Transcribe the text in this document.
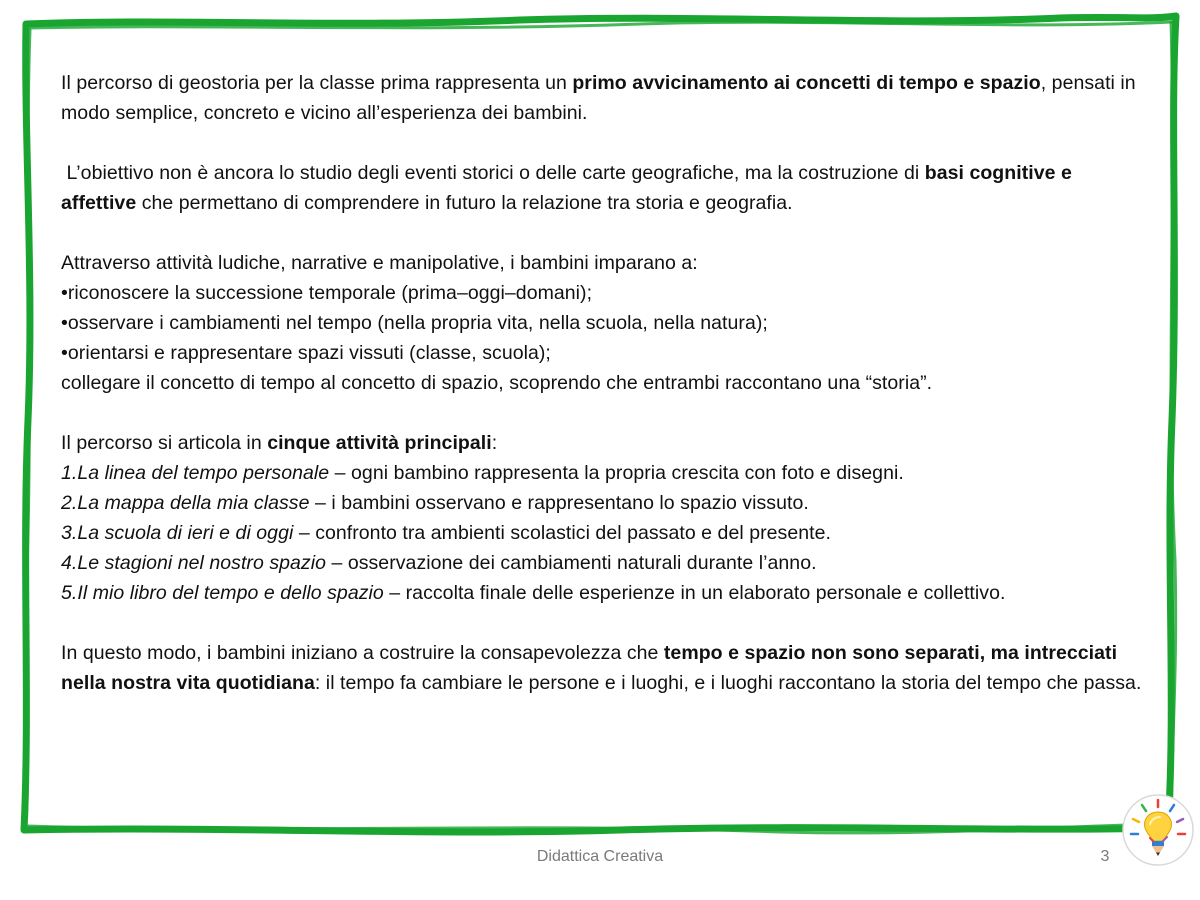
Il percorso di geostoria per la classe prima rappresenta un primo avvicinamento ai concetti di tempo e spazio, pensati in modo semplice, concreto e vicino all’esperienza dei bambini.

L’obiettivo non è ancora lo studio degli eventi storici o delle carte geografiche, ma la costruzione di basi cognitive e affettive che permettano di comprendere in futuro la relazione tra storia e geografia.

Attraverso attività ludiche, narrative e manipolative, i bambini imparano a:

•riconoscere la successione temporale (prima–oggi–domani);

•osservare i cambiamenti nel tempo (nella propria vita, nella scuola, nella natura);

•orientarsi e rappresentare spazi vissuti (classe, scuola);

collegare il concetto di tempo al concetto di spazio, scoprendo che entrambi raccontano una “storia”.

Il percorso si articola in cinque attività principali:

1.La linea del tempo personale – ogni bambino rappresenta la propria crescita con foto e disegni.

2.La mappa della mia classe – i bambini osservano e rappresentano lo spazio vissuto.

3.La scuola di ieri e di oggi – confronto tra ambienti scolastici del passato e del presente.

4.Le stagioni nel nostro spazio – osservazione dei cambiamenti naturali durante l’anno.

5.Il mio libro del tempo e dello spazio – raccolta finale delle esperienze in un elaborato personale e collettivo.

In questo modo, i bambini iniziano a costruire la consapevolezza che tempo e spazio non sono separati, ma intrecciati nella nostra vita quotidiana: il tempo fa cambiare le persone e i luoghi, e i luoghi raccontano la storia del tempo che passa.

Didattica Creativa	3
